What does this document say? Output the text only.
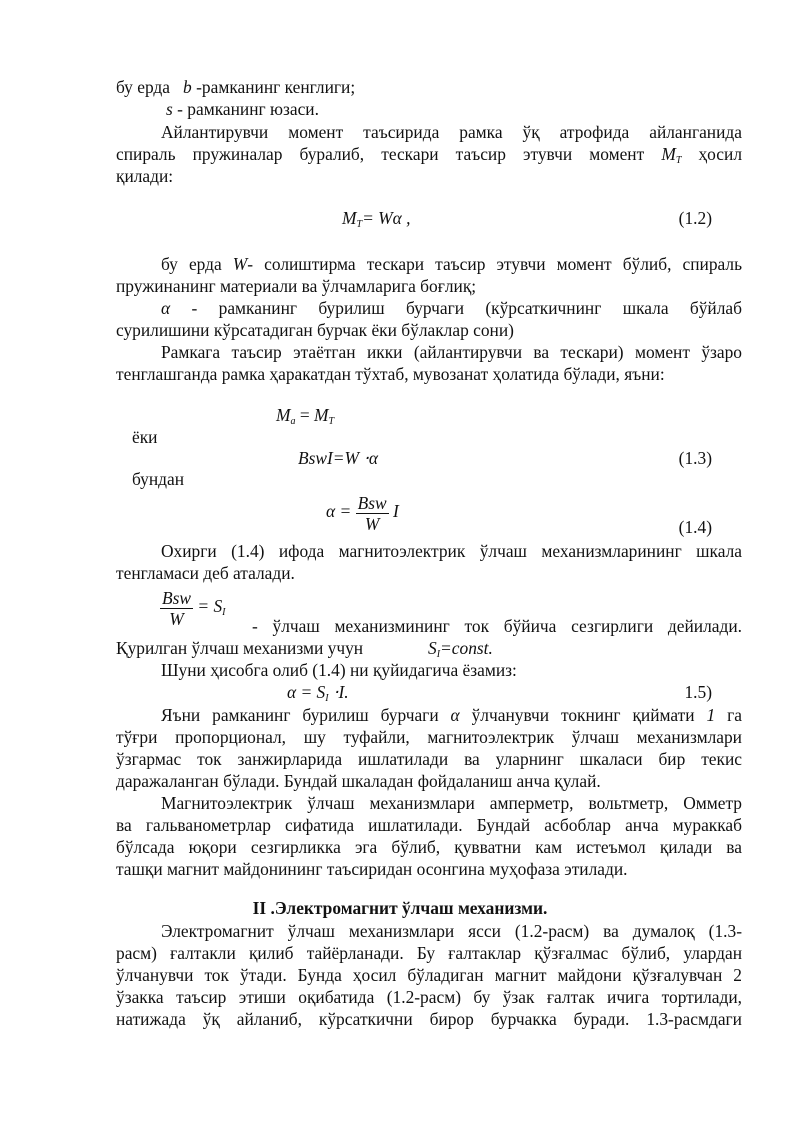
бу ерда b -рамканинг кенглиги;
s - рамканинг юзаси.
Айлантирувчи момент таъсирида рамка ўқ атрофида айланганида
спираль пружиналар буралиб, тескари таъсир этувчи момент $M_T$ ҳосил
қилади:
$M_T= W\alpha$ ,	(1.2)
бу ерда W- солиштирма тескари таъсир этувчи момент бўлиб, спираль
пружинанинг материали ва ўлчамларига боғлиқ;
α - рамканинг бурилиш бурчаги (кўрсаткичнинг шкала бўйлаб
сурилишини кўрсатадиган бурчак ёки бўлаклар сони)
Рамкага таъсир этаётган икки (айлантирувчи ва тескари) момент ўзаро
тенглашганда рамка ҳаракатдан тўхтаб, мувозанат ҳолатида бўлади, яъни:
$M_a = M_T$
ёки
BswI=W ⋅α	(1.3)
бундан
$\alpha = \frac{\text{Bsw}}{W}$ I
(1.4)
Охирги (1.4) ифода магнитоэлектрик ўлчаш механизмларининг шкала
тенгламаси деб аталади.
$\frac{\text{Bsw}}{W} = S_I$
- ўлчаш механизмининг ток бўйича сезгирлиги дейилади.
Қурилган ўлчаш механизми учун	$S_I=const$.
Шуни ҳисобга олиб (1.4) ни қуйидагича ёзамиз:
$\alpha = S_I \cdot I$.	1.5)
Яъни рамканинг бурилиш бурчаги α ўлчанувчи токнинг қиймати 1 га
тўғри пропорционал, шу туфайли, магнитоэлектрик ўлчаш механизмлари
ўзгармас ток занжирларида ишлатилади ва уларнинг шкаласи бир текис
даражаланган бўлади. Бундай шкаладан фойдаланиш анча қулай.
Магнитоэлектрик ўлчаш механизмлари амперметр, вольтметр, Омметр
ва гальванометрлар сифатида ишлатилади. Бундай асбоблар анча мураккаб
бўлсада юқори сезгирликка эга бўлиб, қувватни кам истеъмол қилади ва
ташқи магнит майдонининг таъсиридан осонгина муҳофаза этилади.
II .Электромагнит ўлчаш механизми.
Электромагнит ўлчаш механизмлари ясси (1.2-расм) ва думалоқ (1.3-
расм) ғалтакли қилиб тайёрланади. Бу ғалтаклар қўзғалмас бўлиб, улардан
ўлчанувчи ток ўтади. Бунда ҳосил бўладиган магнит майдони қўзғалувчан 2
ўзакка таъсир этиши оқибатида (1.2-расм) бу ўзак ғалтак ичига тортилади,
натижада ўқ айланиб, кўрсаткични бирор бурчакка буради. 1.3-расмдаги
